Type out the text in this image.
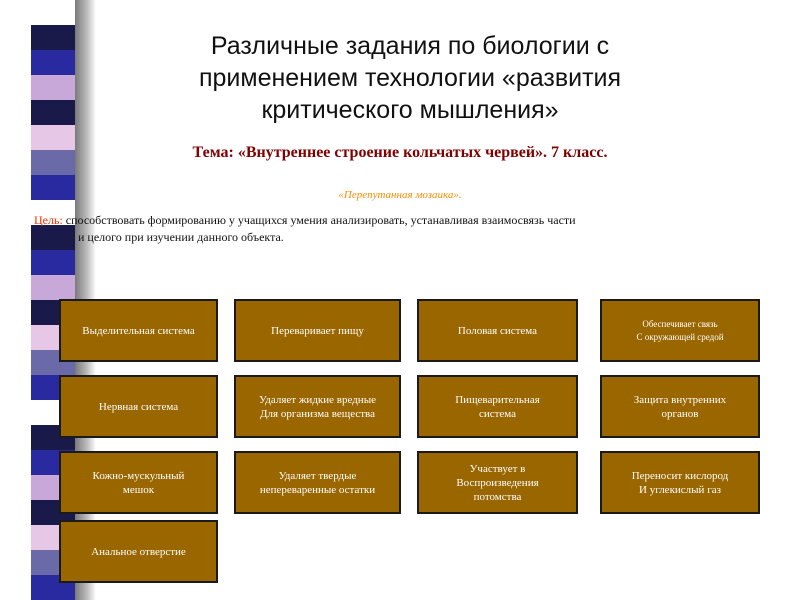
Различные задания по биологии с
применением технологии «развития
критического мышления»

Тема: «Внутреннее строение кольчатых червей». 7 класс.

«Перепутанная мозаика».
Цель: способствовать формированию у учащихся умения анализировать, устанавливая взаимосвязь части
и целого при изучении данного объекта.
Выделительная система	Переваривает пищу	Половая система
Обеспечивает связь
С окружающей средой
Нервная система
Удаляет жидкие вредные
Для организма вещества
Пищеварительная
система
Защита внутренних
органов
Кожно-мускульный
мешок
Удаляет твердые
непереваренные остатки
Участвует в
Воспроизведения
потомства
Переносит кислород
И углекислый газ
Анальное отверстие
